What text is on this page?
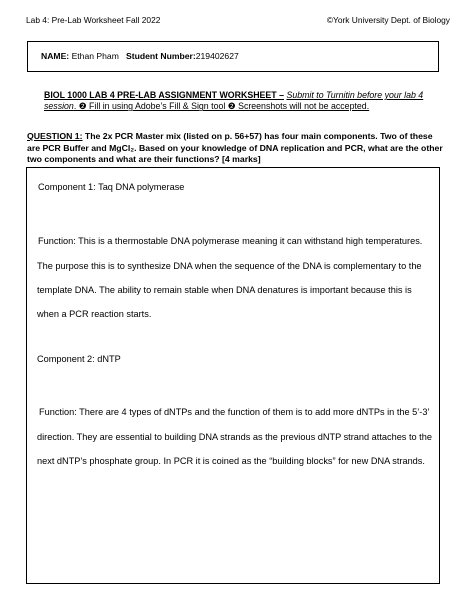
Lab 4: Pre-Lab Worksheet Fall 2022	©York University Dept. of Biology
NAME: Ethan Pham Student Number:219402627
BIOL 1000 LAB 4 PRE-LAB ASSIGNMENT WORKSHEET – Submit to Turnitin before your lab 4 session. ❷ Fill in using Adobe’s Fill & Sign tool ❷ Screenshots will not be accepted.
QUESTION 1: The 2x PCR Master mix (listed on p. 56+57) has four main components. Two of these are PCR Buffer and MgCl₂. Based on your knowledge of DNA replication and PCR, what are the other two components and what are their functions? [4 marks]
Component 1: Taq DNA polymerase
Function: This is a thermostable DNA polymerase meaning it can withstand high temperatures.
The purpose this is to synthesize DNA when the sequence of the DNA is complementary to the
template DNA. The ability to remain stable when DNA denatures is important because this is
when a PCR reaction starts.
Component 2: dNTP
Function: There are 4 types of dNTPs and the function of them is to add more dNTPs in the 5’-3’
direction. They are essential to building DNA strands as the previous dNTP strand attaches to the
next dNTP’s phosphate group. In PCR it is coined as the “building blocks” for new DNA strands.
